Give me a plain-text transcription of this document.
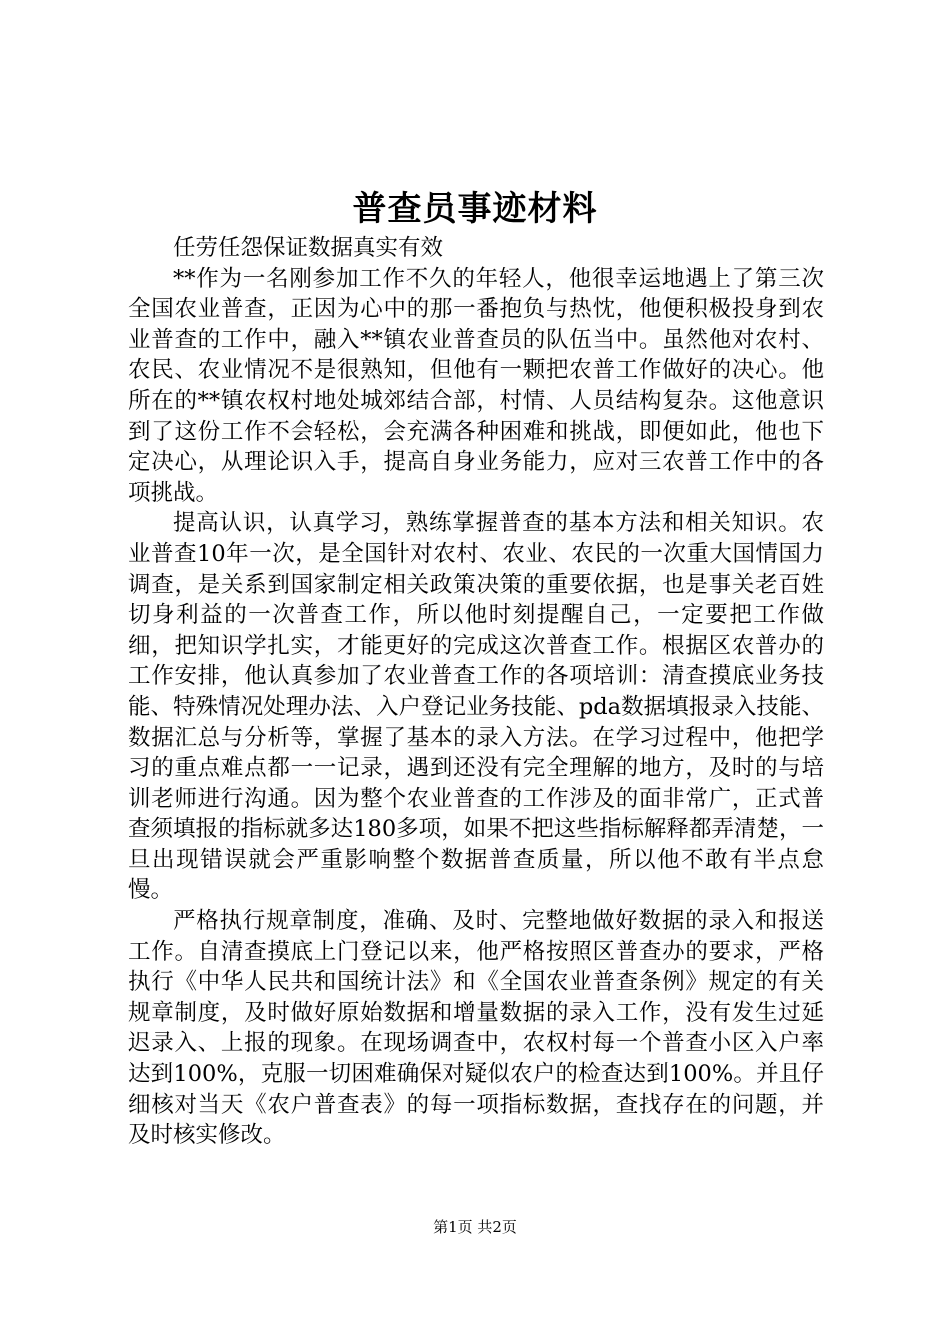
普查员事迹材料

任劳任怨保证数据真实有效

**作为一名刚参加工作不久的年轻人，他很幸运地遇上了第三次全国农业普查，正因为心中的那一番抱负与热忱，他便积极投身到农业普查的工作中，融入**镇农业普查员的队伍当中。虽然他对农村、农民、农业情况不是很熟知，但他有一颗把农普工作做好的决心。他所在的**镇农权村地处城郊结合部，村情、人员结构复杂。这他意识到了这份工作不会轻松，会充满各种困难和挑战，即便如此，他也下定决心，从理论识入手，提高自身业务能力，应对三农普工作中的各项挑战。

提高认识，认真学习，熟练掌握普查的基本方法和相关知识。农业普查10年一次，是全国针对农村、农业、农民的一次重大国情国力调查，是关系到国家制定相关政策决策的重要依据，也是事关老百姓切身利益的一次普查工作，所以他时刻提醒自己，一定要把工作做细，把知识学扎实，才能更好的完成这次普查工作。根据区农普办的工作安排，他认真参加了农业普查工作的各项培训：清查摸底业务技能、特殊情况处理办法、入户登记业务技能、pda数据填报录入技能、数据汇总与分析等，掌握了基本的录入方法。在学习过程中，他把学习的重点难点都一一记录，遇到还没有完全理解的地方，及时的与培训老师进行沟通。因为整个农业普查的工作涉及的面非常广，正式普查须填报的指标就多达180多项，如果不把这些指标解释都弄清楚，一旦出现错误就会严重影响整个数据普查质量，所以他不敢有半点怠慢。

严格执行规章制度，准确、及时、完整地做好数据的录入和报送工作。自清查摸底上门登记以来，他严格按照区普查办的要求，严格执行《中华人民共和国统计法》和《全国农业普查条例》规定的有关规章制度，及时做好原始数据和增量数据的录入工作，没有发生过延迟录入、上报的现象。在现场调查中，农权村每一个普查小区入户率达到100%，克服一切困难确保对疑似农户的检查达到100%。并且仔细核对当天《农户普查表》的每一项指标数据，查找存在的问题，并及时核实修改。

第1页 共2页
